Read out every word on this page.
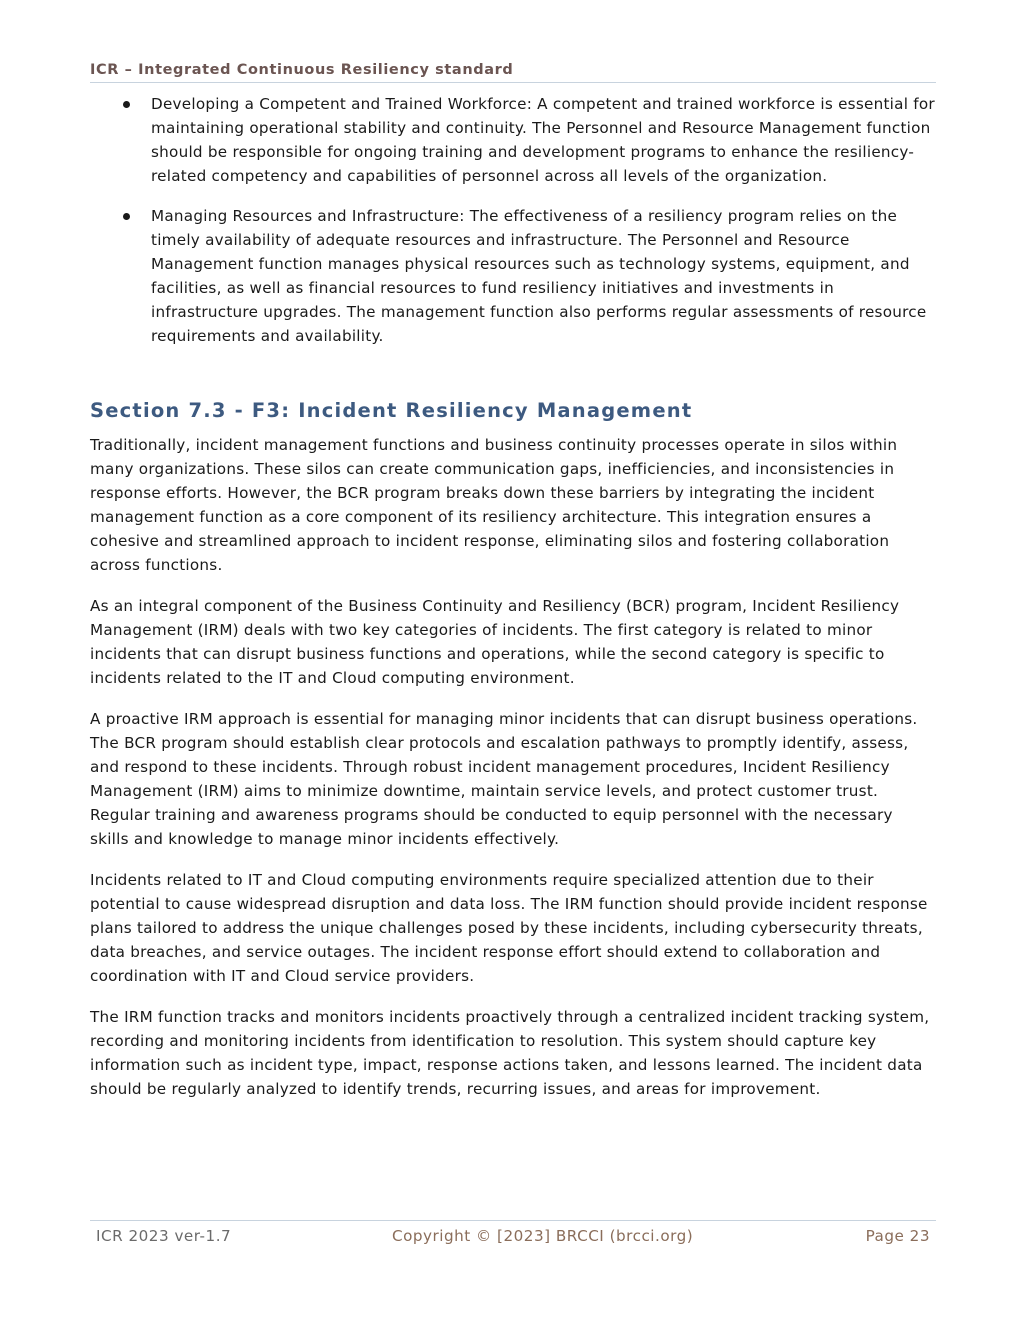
ICR – Integrated Continuous Resiliency standard

Developing a Competent and Trained Workforce: A competent and trained workforce is essential for maintaining operational stability and continuity. The Personnel and Resource Management function should be responsible for ongoing training and development programs to enhance the resiliency-related competency and capabilities of personnel across all levels of the organization.

Managing Resources and Infrastructure: The effectiveness of a resiliency program relies on the timely availability of adequate resources and infrastructure. The Personnel and Resource Management function manages physical resources such as technology systems, equipment, and facilities, as well as financial resources to fund resiliency initiatives and investments in infrastructure upgrades. The management function also performs regular assessments of resource requirements and availability.

Section 7.3 - F3: Incident Resiliency Management

Traditionally, incident management functions and business continuity processes operate in silos within many organizations. These silos can create communication gaps, inefficiencies, and inconsistencies in response efforts. However, the BCR program breaks down these barriers by integrating the incident management function as a core component of its resiliency architecture. This integration ensures a cohesive and streamlined approach to incident response, eliminating silos and fostering collaboration across functions.

As an integral component of the Business Continuity and Resiliency (BCR) program, Incident Resiliency Management (IRM) deals with two key categories of incidents. The first category is related to minor incidents that can disrupt business functions and operations, while the second category is specific to incidents related to the IT and Cloud computing environment.

A proactive IRM approach is essential for managing minor incidents that can disrupt business operations. The BCR program should establish clear protocols and escalation pathways to promptly identify, assess, and respond to these incidents. Through robust incident management procedures, Incident Resiliency Management (IRM) aims to minimize downtime, maintain service levels, and protect customer trust. Regular training and awareness programs should be conducted to equip personnel with the necessary skills and knowledge to manage minor incidents effectively.

Incidents related to IT and Cloud computing environments require specialized attention due to their potential to cause widespread disruption and data loss. The IRM function should provide incident response plans tailored to address the unique challenges posed by these incidents, including cybersecurity threats, data breaches, and service outages. The incident response effort should extend to collaboration and coordination with IT and Cloud service providers.

The IRM function tracks and monitors incidents proactively through a centralized incident tracking system, recording and monitoring incidents from identification to resolution. This system should capture key information such as incident type, impact, response actions taken, and lessons learned. The incident data should be regularly analyzed to identify trends, recurring issues, and areas for improvement.

ICR 2023 ver-1.7	Copyright © [2023] BRCCI (brcci.org)	Page 23
